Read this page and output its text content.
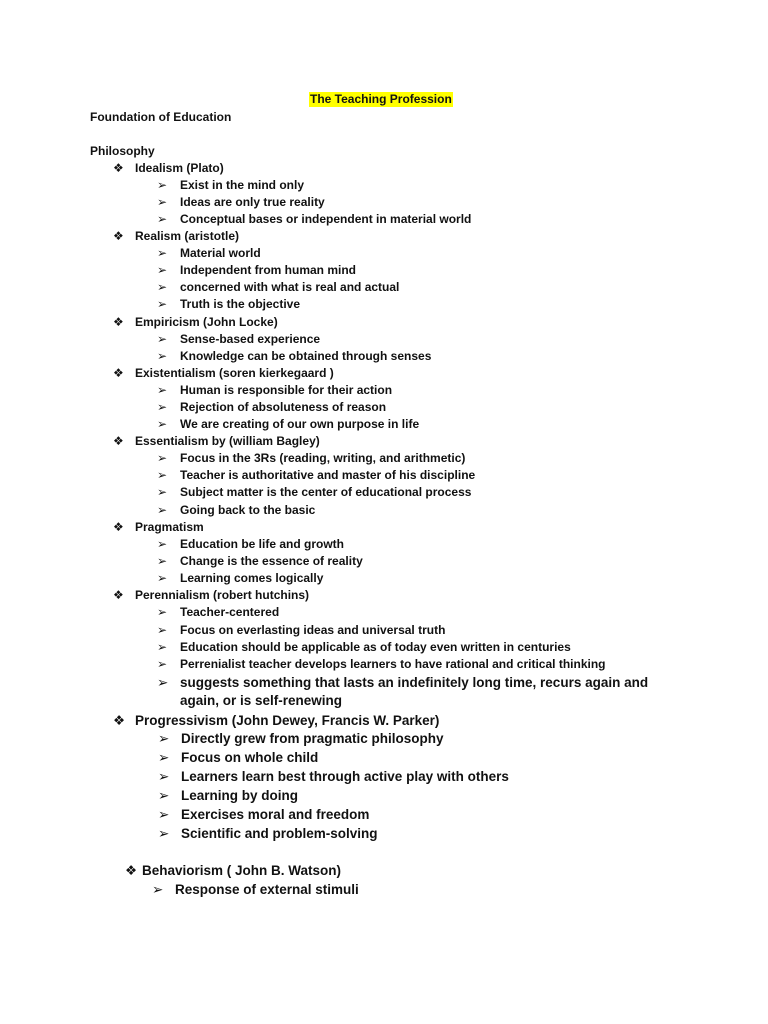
The Teaching Profession
Foundation of Education
Philosophy
❖ Idealism (Plato)
➢ Exist in the mind only
➢ Ideas are only true reality
➢ Conceptual bases or independent in material world
❖ Realism (aristotle)
➢ Material world
➢ Independent from human mind
➢ concerned with what is real and actual
➢ Truth is the objective
❖ Empiricism (John Locke)
➢ Sense-based experience
➢ Knowledge can be obtained through senses
❖ Existentialism (soren kierkegaard )
➢ Human is responsible for their action
➢ Rejection of absoluteness of reason
➢ We are creating of our own purpose in life
❖ Essentialism by (william Bagley)
➢ Focus in the 3Rs (reading, writing, and arithmetic)
➢ Teacher is authoritative and master of his discipline
➢ Subject matter is the center of educational process
➢ Going back to the basic
❖ Pragmatism
➢ Education be life and growth
➢ Change is the essence of reality
➢ Learning comes logically
❖ Perennialism (robert hutchins)
➢ Teacher-centered
➢ Focus on everlasting ideas and universal truth
➢ Education should be applicable as of today even written in centuries
➢ Perrenialist teacher develops learners to have rational and critical thinking
➢ suggests something that lasts an indefinitely long time, recurs again and again, or is self-renewing
❖ Progressivism (John Dewey, Francis W. Parker)
➢ Directly grew from pragmatic philosophy
➢ Focus on whole child
➢ Learners learn best through active play with others
➢ Learning by doing
➢ Exercises moral and freedom
➢ Scientific and problem-solving
❖ Behaviorism ( John B. Watson)
➢ Response of external stimuli
